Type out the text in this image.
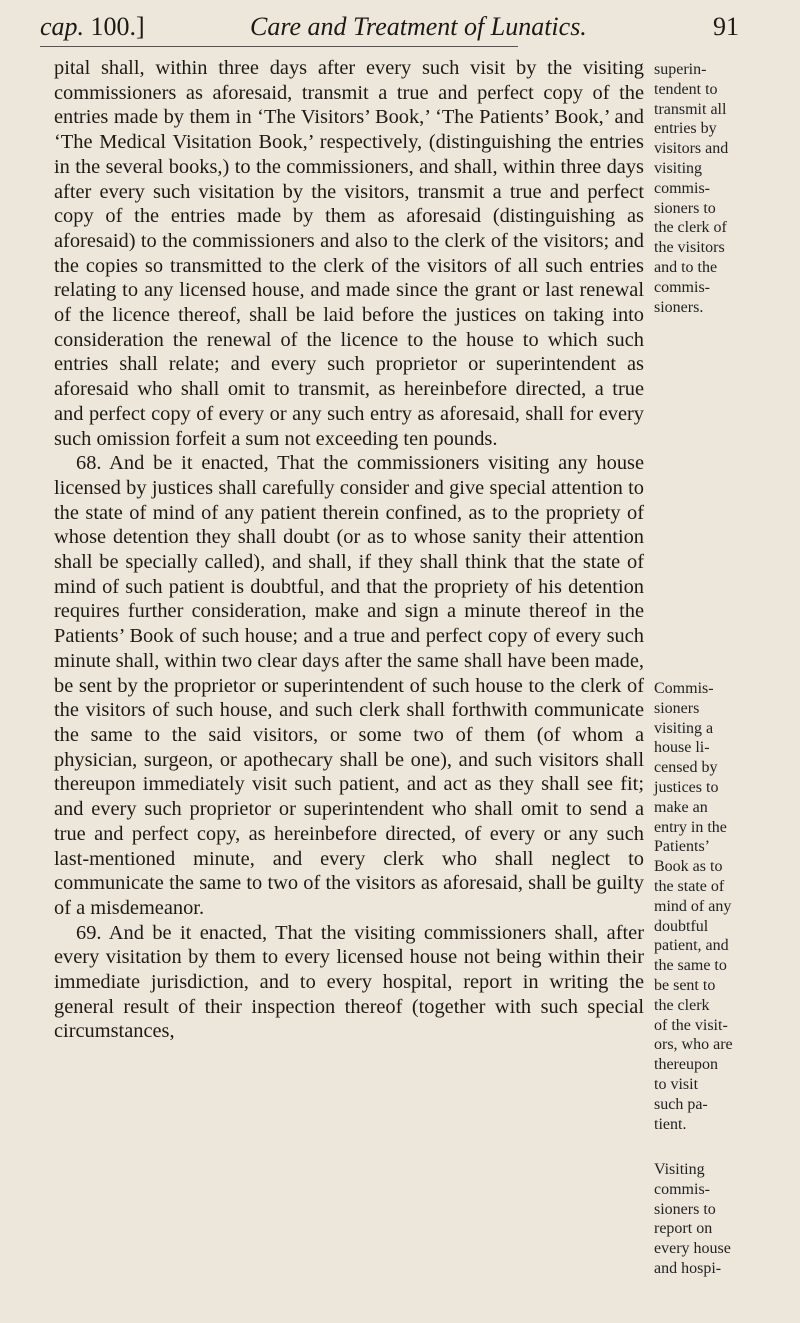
cap. 100.]	Care and Treatment of Lunatics.	91

pital shall, within three days after every such visit by the visiting commissioners as aforesaid, transmit a true and perfect copy of the entries made by them in ‘The Visitors’ Book,’ ‘The Patients’ Book,’ and ‘The Medical Visitation Book,’ respectively, (distinguishing the entries in the several books,) to the commissioners, and shall, within three days after every such visitation by the visitors, transmit a true and perfect copy of the entries made by them as aforesaid (distinguishing as aforesaid) to the commissioners and also to the clerk of the visitors; and the copies so transmitted to the clerk of the visitors of all such entries relating to any licensed house, and made since the grant or last renewal of the licence thereof, shall be laid before the justices on taking into consideration the renewal of the licence to the house to which such entries shall relate; and every such proprietor or superintendent as aforesaid who shall omit to transmit, as hereinbefore directed, a true and perfect copy of every or any such entry as aforesaid, shall for every such omission forfeit a sum not exceeding ten pounds.

68. And be it enacted, That the commissioners visiting any house licensed by justices shall carefully consider and give special attention to the state of mind of any patient therein confined, as to the propriety of whose detention they shall doubt (or as to whose sanity their attention shall be specially called), and shall, if they shall think that the state of mind of such patient is doubtful, and that the propriety of his detention requires further consideration, make and sign a minute thereof in the Patients’ Book of such house; and a true and perfect copy of every such minute shall, within two clear days after the same shall have been made, be sent by the proprietor or superintendent of such house to the clerk of the visitors of such house, and such clerk shall forthwith communicate the same to the said visitors, or some two of them (of whom a physician, surgeon, or apothecary shall be one), and such visitors shall thereupon immediately visit such patient, and act as they shall see fit; and every such proprietor or superintendent who shall omit to send a true and perfect copy, as hereinbefore directed, of every or any such last-mentioned minute, and every clerk who shall neglect to communicate the same to two of the visitors as aforesaid, shall be guilty of a misdemeanor.

69. And be it enacted, That the visiting commissioners shall, after every visitation by them to every licensed house not being within their immediate jurisdiction, and to every hospital, report in writing the general result of their inspection thereof (together with such special circumstances,

superin-
tendent to
transmit all
entries by
visitors and
visiting
commis-
sioners to
the clerk of
the visitors
and to the
commis-
sioners.
Commis-
sioners
visiting a
house li-
censed by
justices to
make an
entry in the
Patients’
Book as to
the state of
mind of any
doubtful
patient, and
the same to
be sent to
the clerk
of the visit-
ors, who are
thereupon
to visit
such pa-
tient.
Visiting
commis-
sioners to
report on
every house
and hospi-
